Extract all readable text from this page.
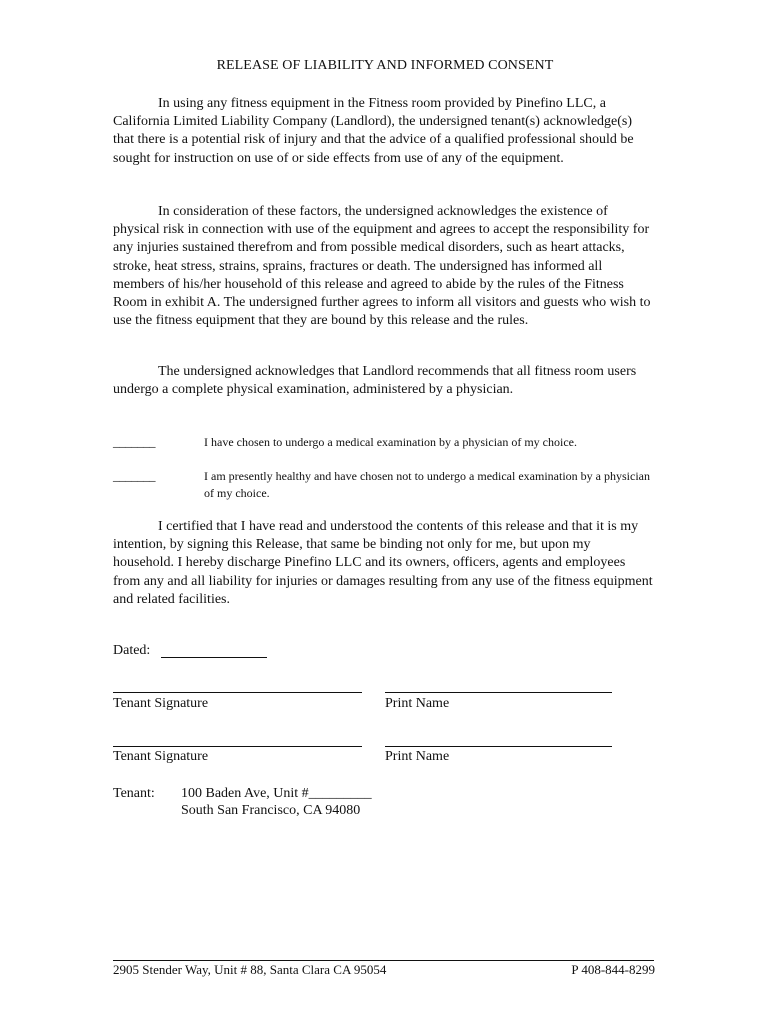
RELEASE OF LIABILITY AND INFORMED CONSENT

In using any fitness equipment in the Fitness room provided by Pinefino LLC, a California Limited Liability Company (Landlord), the undersigned tenant(s) acknowledge(s) that there is a potential risk of injury and that the advice of a qualified professional should be sought for instruction on use of or side effects from use of any of the equipment.

In consideration of these factors, the undersigned acknowledges the existence of physical risk in connection with use of the equipment and agrees to accept the responsibility for any injuries sustained therefrom and from possible medical disorders, such as heart attacks, stroke, heat stress, strains, sprains, fractures or death. The undersigned has informed all members of his/her household of this release and agreed to abide by the rules of the Fitness Room in exhibit A. The undersigned further agrees to inform all visitors and guests who wish to use the fitness equipment that they are bound by this release and the rules.

The undersigned acknowledges that Landlord recommends that all fitness room users undergo a complete physical examination, administered by a physician.

_______	I have chosen to undergo a medical examination by a physician of my choice.
_______	I am presently healthy and have chosen not to undergo a medical examination by a physician of my choice.

I certified that I have read and understood the contents of this release and that it is my intention, by signing this Release, that same be binding not only for me, but upon my household. I hereby discharge Pinefino LLC and its owners, officers, agents and employees from any and all liability for injuries or damages resulting from any use of the fitness equipment and related facilities.

Dated:
Tenant Signature	Print Name
Tenant Signature	Print Name
Tenant: 100 Baden Ave, Unit #_________
South San Francisco, CA 94080
2905 Stender Way, Unit # 88, Santa Clara CA 95054	P 408-844-8299
